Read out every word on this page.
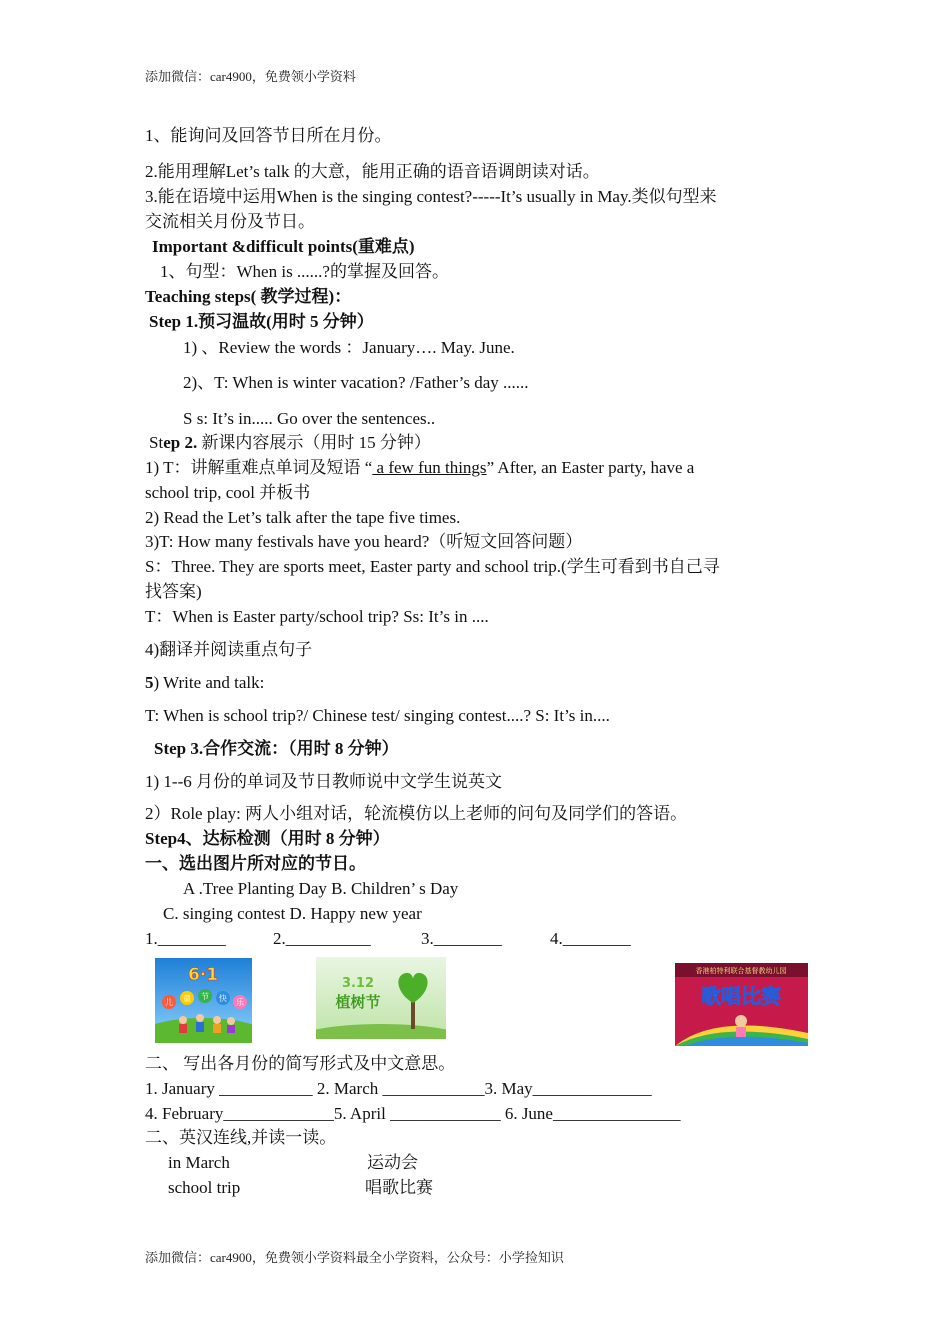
添加微信：car4900，免费领小学资料
1、能询问及回答节日所在月份。
2.能用理解Let’s talk 的大意，能用正确的语音语调朗读对话。
3.能在语境中运用When is the singing contest?-----It’s usually in May.类似句型来
交流相关月份及节日。
Important &difficult points(重难点)
1、句型：When is ......?的掌握及回答。
Teaching steps( 教学过程)：
Step 1.预习温故(用时 5 分钟）
1) 、Review the words ：January…. May. June.
2)、T: When is winter vacation? /Father’s day ......
S s: It’s in..... Go over the sentences..
Step 2. 新课内容展示（用时 15 分钟）
1) T：讲解重难点单词及短语 “ a few fun things” After, an Easter party, have a
school trip, cool 并板书
2) Read the Let’s talk after the tape five times.
3)T: How many festivals have you heard?（听短文回答问题）
S：Three. They are sports meet, Easter party and school trip.(学生可看到书自己寻
找答案)
T：When is Easter party/school trip? Ss: It’s in ....
4)翻译并阅读重点句子
5) Write and talk:
T: When is school trip?/ Chinese test/ singing contest....? S: It’s in....
Step 3.合作交流：（用时 8 分钟）
1) 1--6 月份的单词及节日教师说中文学生说英文
2）Role play: 两人小组对话，轮流模仿以上老师的问句及同学们的答语。
Step4、达标检测（用时 8 分钟）
一、选出图片所对应的节日。
A .Tree Planting Day B. Children’ s Day
C. singing contest D. Happy new year
1.________	2.__________	3.________	4.________
6·1
儿 童 节 快 乐
3.12
植树节
香港柏特利联合基督教幼儿园
歌唱比赛
二、 写出各月份的简写形式及中文意思。
1. January ___________ 2. March ____________3. May______________
4. February_____________5. April _____________ 6. June_______________
二、英汉连线,并读一读。
in March	运动会
school trip	唱歌比赛
添加微信：car4900，免费领小学资料最全小学资料，公众号：小学捡知识
